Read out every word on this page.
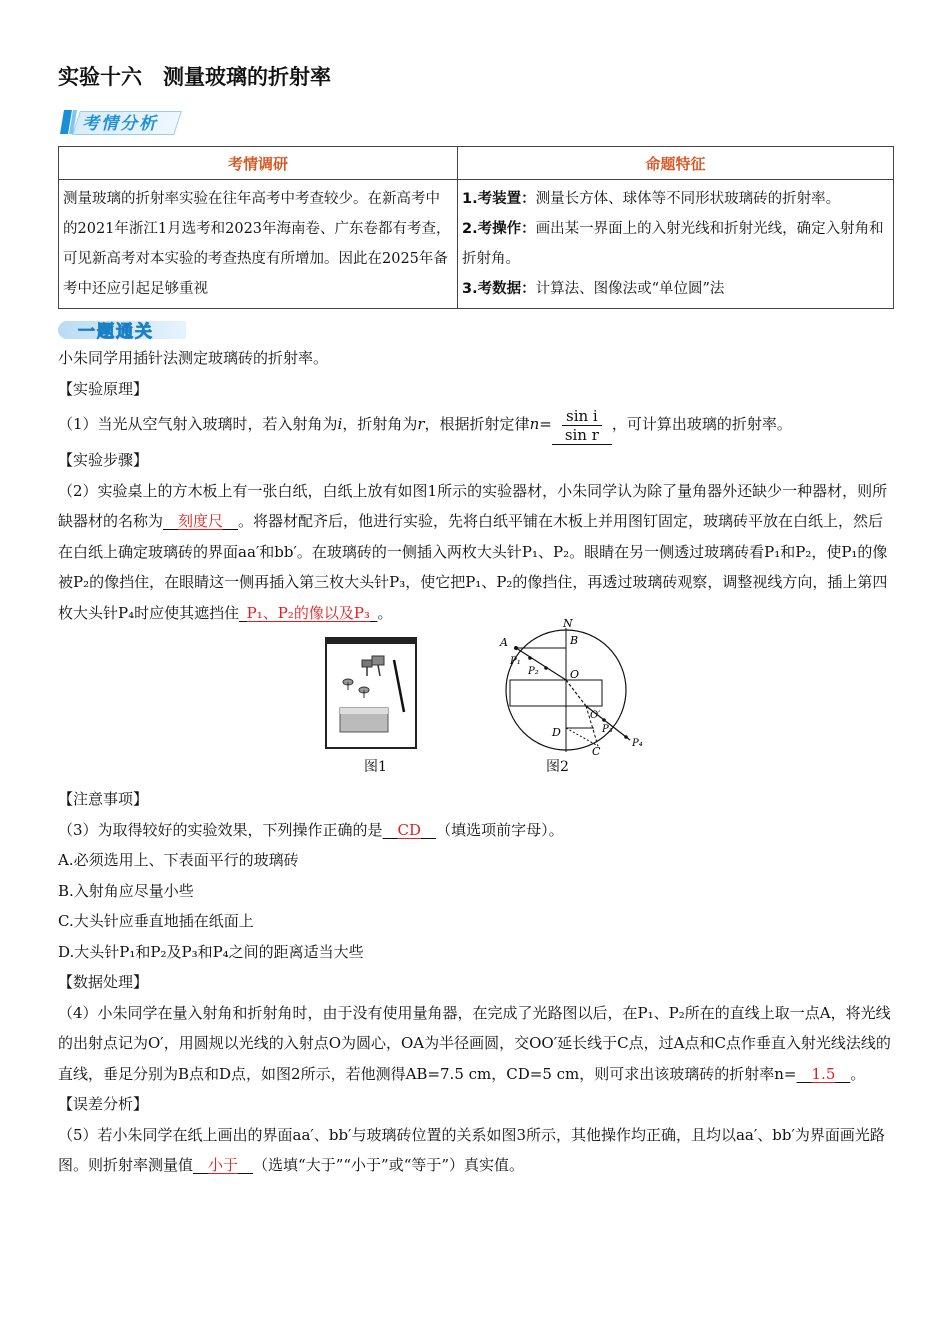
实验十六　测量玻璃的折射率
考情分析
考情调研	命题特征
测量玻璃的折射率实验在往年高考中考查较少。在新高考中的2021年浙江1月选考和2023年海南卷、广东卷都有考查，可见新高考对本实验的考查热度有所增加。因此在2025年备考中还应引起足够重视	1.考装置：测量长方体、球体等不同形状玻璃砖的折射率。
2.考操作：画出某一界面上的入射光线和折射光线，确定入射角和折射角。
3.考数据：计算法、图像法或“单位圆”法
一题通关

小朱同学用插针法测定玻璃砖的折射率。

【实验原理】

（1）当光从空气射入玻璃时，若入射角为i，折射角为r，根据折射定律$n= \frac{\text{sin i}}{\text{sin r}}$ ，可计算出玻璃的折射率。

【实验步骤】

（2）实验桌上的方木板上有一张白纸，白纸上放有如图1所示的实验器材，小朱同学认为除了量角器外还缺少一种器材，则所缺器材的名称为  刻度尺  。将器材配齐后，他进行实验，先将白纸平铺在木板上并用图钉固定，玻璃砖平放在白纸上，然后在白纸上确定玻璃砖的界面aa′和bb′。在玻璃砖的一侧插入两枚大头针P₁、P₂。眼睛在另一侧透过玻璃砖看P₁和P₂，使P₁的像被P₂的像挡住，在眼睛这一侧再插入第三枚大头针P₃，使它把P₁、P₂的像挡住，再透过玻璃砖观察，调整视线方向，插上第四枚大头针P₄时应使其遮挡住  P₁、P₂的像以及P₃  。

图1
N
A	B
P₁
P₂	O
O′
P₃
D
C
P₄
图2

【注意事项】

（3）为取得较好的实验效果，下列操作正确的是  CD  （填选项前字母）。

A.必须选用上、下表面平行的玻璃砖

B.入射角应尽量小些

C.大头针应垂直地插在纸面上

D.大头针P₁和P₂及P₃和P₄之间的距离适当大些

【数据处理】

（4）小朱同学在量入射角和折射角时，由于没有使用量角器，在完成了光路图以后，在P₁、P₂所在的直线上取一点A，将光线的出射点记为O′，用圆规以光线的入射点O为圆心，OA为半径画圆，交OO′延长线于C点，过A点和C点作垂直入射光线法线的直线，垂足分别为B点和D点，如图2所示，若他测得AB=7.5 cm，CD=5 cm，则可求出该玻璃砖的折射率n=  1.5  。

【误差分析】

（5）若小朱同学在纸上画出的界面aa′、bb′与玻璃砖位置的关系如图3所示，其他操作均正确，且均以aa′、bb′为界面画光路图。则折射率测量值  小于  （选填“大于”“小于”或“等于”）真实值。
